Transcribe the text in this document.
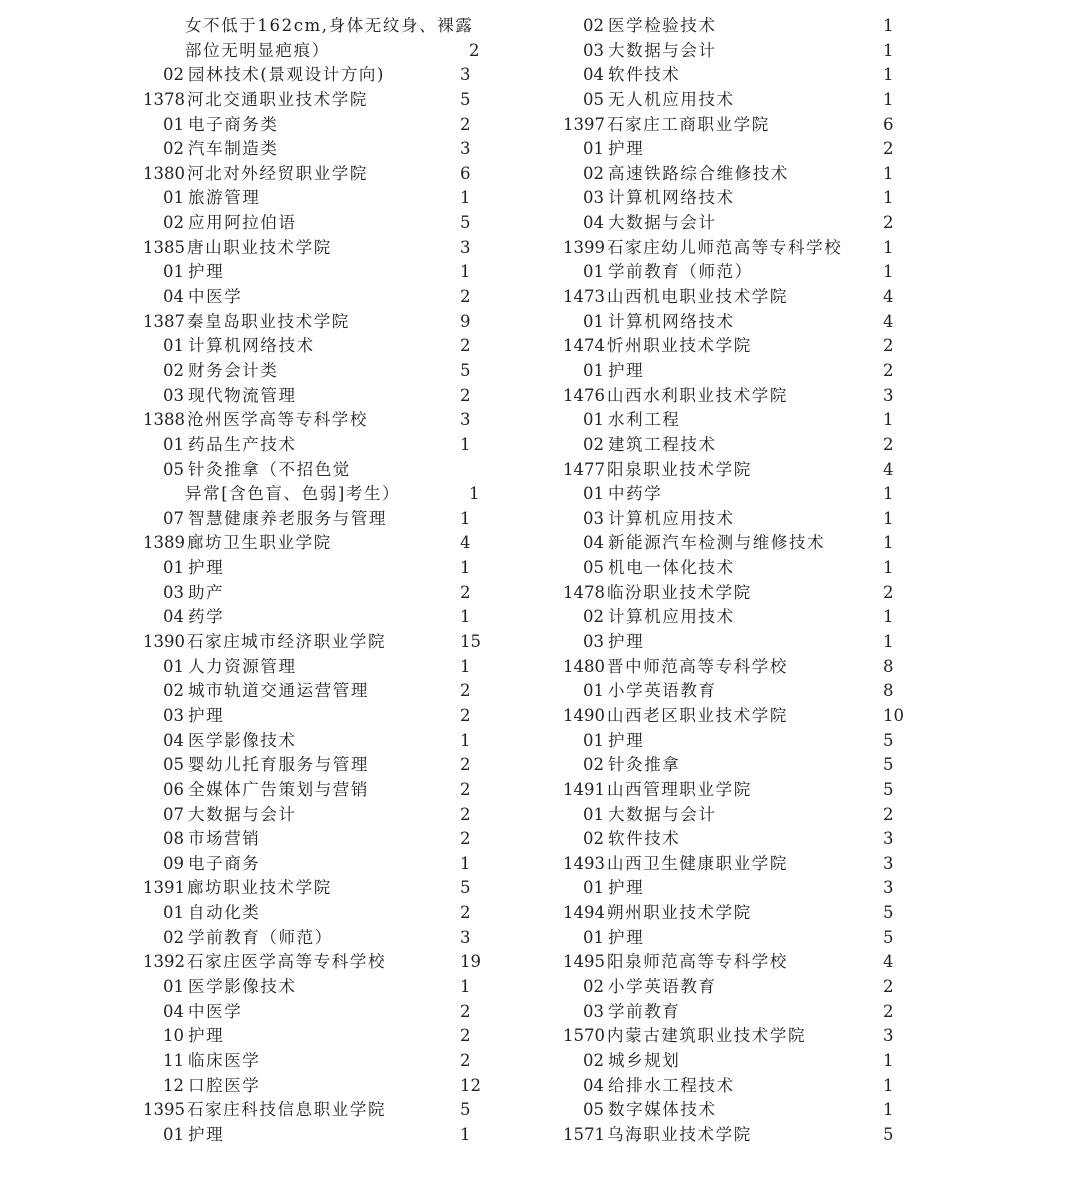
女不低于162cm,身体无纹身、裸露
部位无明显疤痕）	2
02 园林技术(景观设计方向)	3
1378 河北交通职业技术学院	5
01 电子商务类	2
02 汽车制造类	3
1380 河北对外经贸职业学院	6
01 旅游管理	1
02 应用阿拉伯语	5
1385 唐山职业技术学院	3
01 护理	1
04 中医学	2
1387 秦皇岛职业技术学院	9
01 计算机网络技术	2
02 财务会计类	5
03 现代物流管理	2
1388 沧州医学高等专科学校	3
01 药品生产技术	1
05 针灸推拿（不招色觉
异常[含色盲、色弱]考生）	1
07 智慧健康养老服务与管理	1
1389 廊坊卫生职业学院	4
01 护理	1
03 助产	2
04 药学	1
1390 石家庄城市经济职业学院	15
01 人力资源管理	1
02 城市轨道交通运营管理	2
03 护理	2
04 医学影像技术	1
05 婴幼儿托育服务与管理	2
06 全媒体广告策划与营销	2
07 大数据与会计	2
08 市场营销	2
09 电子商务	1
1391 廊坊职业技术学院	5
01 自动化类	2
02 学前教育（师范）	3
1392 石家庄医学高等专科学校	19
01 医学影像技术	1
04 中医学	2
10 护理	2
11 临床医学	2
12 口腔医学	12
1395 石家庄科技信息职业学院	5
01 护理	1
02 医学检验技术	1
03 大数据与会计	1
04 软件技术	1
05 无人机应用技术	1
1397 石家庄工商职业学院	6
01 护理	2
02 高速铁路综合维修技术	1
03 计算机网络技术	1
04 大数据与会计	2
1399 石家庄幼儿师范高等专科学校 1
01 学前教育（师范）	1
1473 山西机电职业技术学院	4
01 计算机网络技术	4
1474 忻州职业技术学院	2
01 护理	2
1476 山西水利职业技术学院	3
01 水利工程	1
02 建筑工程技术	2
1477 阳泉职业技术学院	4
01 中药学	1
03 计算机应用技术	1
04 新能源汽车检测与维修技术	1
05 机电一体化技术	1
1478 临汾职业技术学院	2
02 计算机应用技术	1
03 护理	1
1480 晋中师范高等专科学校	8
01 小学英语教育	8
1490 山西老区职业技术学院	10
01 护理	5
02 针灸推拿	5
1491 山西管理职业学院	5
01 大数据与会计	2
02 软件技术	3
1493 山西卫生健康职业学院	3
01 护理	3
1494 朔州职业技术学院	5
01 护理	5
1495 阳泉师范高等专科学校	4
02 小学英语教育	2
03 学前教育	2
1570 内蒙古建筑职业技术学院	3
02 城乡规划	1
04 给排水工程技术	1
05 数字媒体技术	1
1571 乌海职业技术学院	5
